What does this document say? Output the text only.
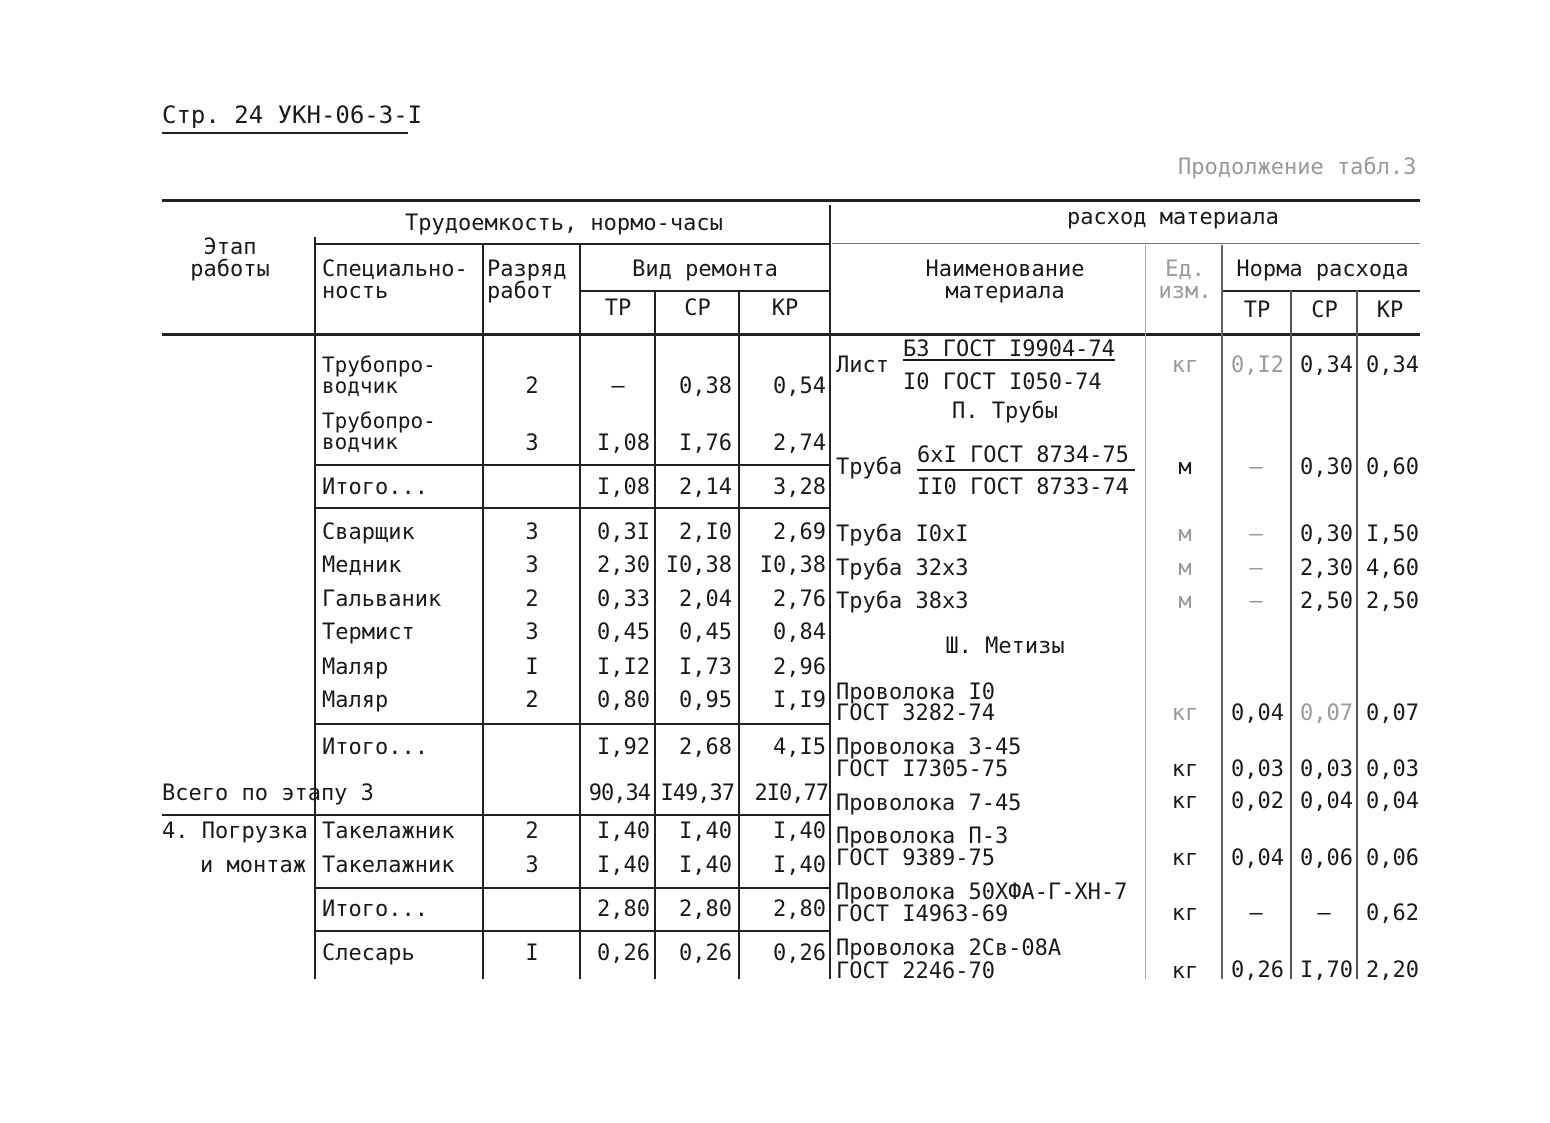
Стр. 24 УКН-06-3-I
Продолжение табл.3
Этап
работы
Трудоемкость, нормо-часы
Специально-
ность
Разряд
работ
Вид ремонта
ТР	СР	КР
расход материала
Наименование
материала
Ед.
изм.
Норма расхода
ТР	СР	КР
Трубопро-
водчик	2	–	0,38	0,54
Трубопро-
водчик	3	I,08	I,76	2,74
Итого...	I,08	2,14	3,28
Сварщик	3	0,3I	2,I0	2,69
Медник	3	2,30 I0,38	I0,38
Гальваник	2	0,33	2,04	2,76
Термист	3	0,45	0,45	0,84
Маляр	I	I,I2	I,73	2,96
Маляр	2	0,80	0,95	I,I9
Итого...	I,92	2,68	4,I5
Всего по этапу 3	90,34 I49,37 2I0,77
4. Погрузка Такелажник	2	I,40	I,40	I,40
и монтаж Такелажник	3	I,40	I,40	I,40
Итого...	2,80	2,80	2,80
Слесарь	I	0,26	0,26	0,26
Лист
Б3 ГОСТ I9904-74
I0 ГОСТ I050-74
кг	0,I2 0,34 0,34
П. Трубы
Труба 6хI ГОСТ 8734-75
II0 ГОСТ 8733-74
м	–	0,30 0,60
Труба I0хI	м	–	0,30 I,50
Труба 32х3	м	–	2,30 4,60
Труба 38х3	м	–	2,50 2,50
Ш. Метизы
Проволока I0
ГОСТ 3282-74	кг	0,04 0,07 0,07
Проволока 3-45
ГОСТ I7305-75	кг	0,03 0,03 0,03
Проволока 7-45	кг	0,02 0,04 0,04
Проволока П-3
ГОСТ 9389-75	кг	0,04 0,06 0,06
Проволока 50ХФА-Г-ХН-7
ГОСТ I4963-69	кг	–	–	0,62
Проволока 2Св-08А
ГОСТ 2246-70	кг	0,26 I,70 2,20
